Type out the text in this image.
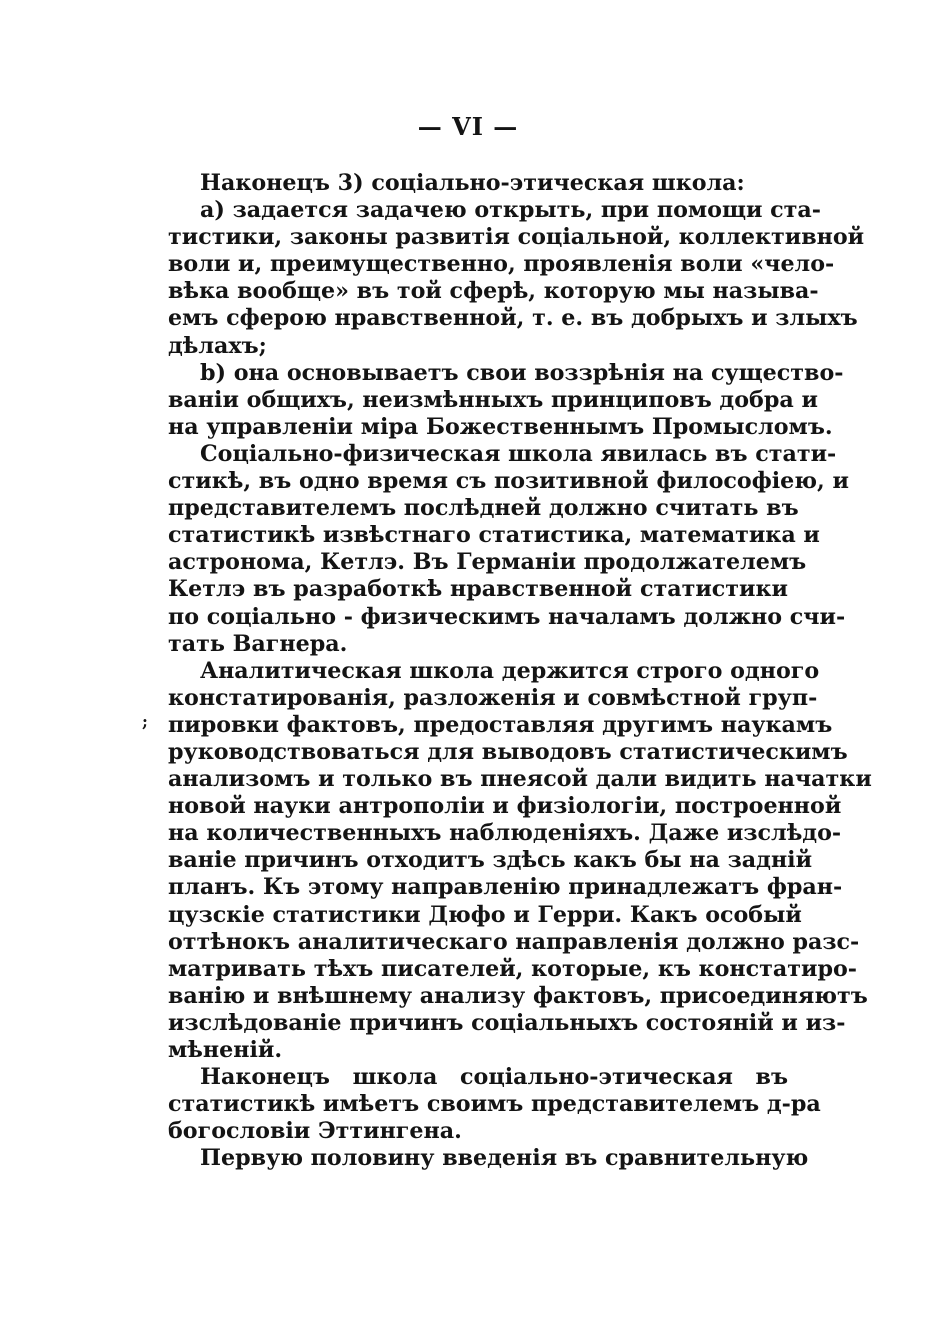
— VI —
;
Наконецъ 3) соціально-этическая школа:
a) задается задачею открыть, при помощи ста-
тистики, законы развитія соціальной, коллективной
воли и, преимущественно, проявленія воли «чело-
вѣка вообще» въ той сферѣ, которую мы называ-
емъ сферою нравственной, т. е. въ добрыхъ и злыхъ
дѣлахъ;
b) она основываетъ свои воззрѣнія на существо-
ваніи общихъ, неизмѣнныхъ принциповъ добра и
на управленіи міра Божественнымъ Промысломъ.
Соціально-физическая школа явилась въ стати-
стикѣ, въ одно время съ позитивной философіею, и
представителемъ послѣдней должно считать въ
статистикѣ извѣстнаго статистика, математика и
астронома, Кетлэ. Въ Германіи продолжателемъ
Кетлэ въ разработкѣ нравственной статистики
по соціально - физическимъ началамъ должно счи-
тать Вагнера.
Аналитическая школа держится строго одного
констатированія, разложенія и совмѣстной груп-
пировки фактовъ, предоставляя другимъ наукамъ
руководствоваться для выводовъ статистическимъ
анализомъ и только въ пнеясой дали видить начатки
новой науки антрополіи и физіологіи, построенной
на количественныхъ наблюденіяхъ. Даже изслѣдо-
ваніе причинъ отходитъ здѣсь какъ бы на задній
планъ. Къ этому направленію принадлежатъ фран-
цузскіе статистики Дюфо и Герри. Какъ особый
оттѣнокъ аналитическаго направленія должно разс-
матривать тѣхъ писателей, которые, къ констатиро-
ванію и внѣшнему анализу фактовъ, присоединяютъ
изслѣдованіе причинъ соціальныхъ состояній и из-
мѣненій.
Наконецъ школа соціально-этическая въ
статистикѣ имѣетъ своимъ представителемъ д-ра
богословіи Эттингена.
Первую половину введенія въ сравнительную
